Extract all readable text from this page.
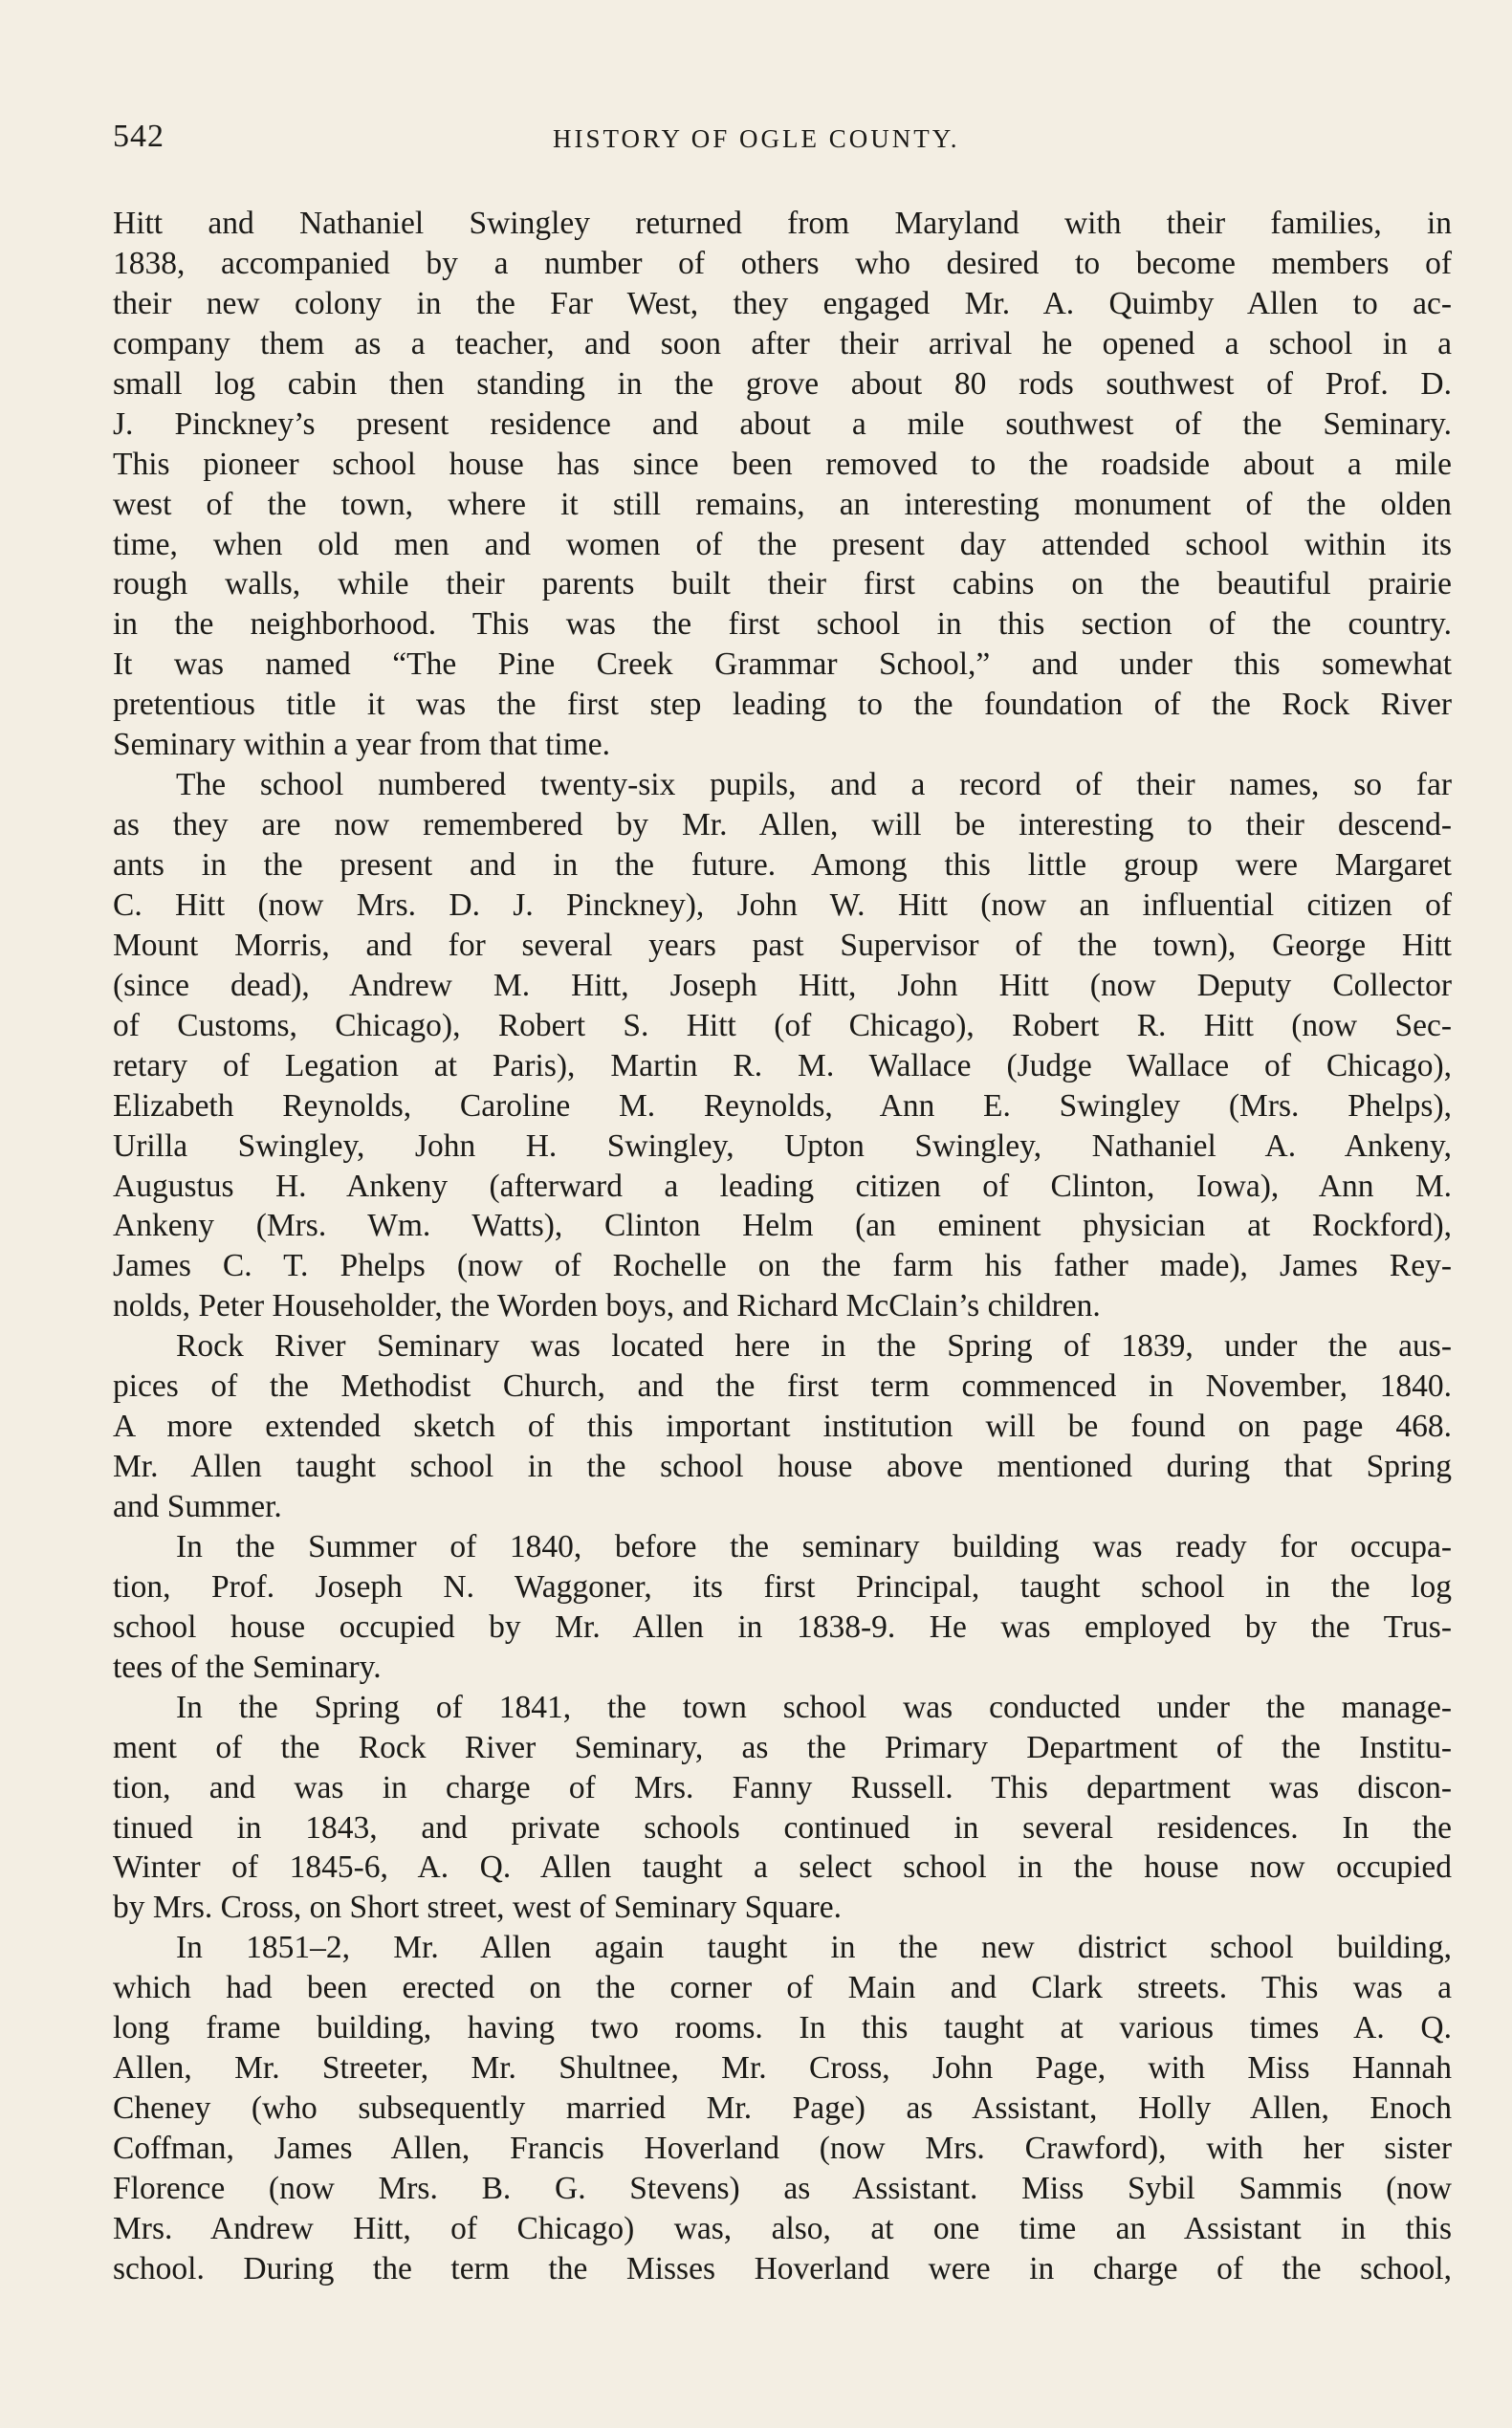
542	HISTORY OF OGLE COUNTY.
Hitt and Nathaniel Swingley returned from Maryland with their families, in
1838, accompanied by a number of others who desired to become members of
their new colony in the Far West, they engaged Mr. A. Quimby Allen to ac-
company them as a teacher, and soon after their arrival he opened a school in a
small log cabin then standing in the grove about 80 rods southwest of Prof. D.
J. Pinckney’s present residence and about a mile southwest of the Seminary.
This pioneer school house has since been removed to the roadside about a mile
west of the town, where it still remains, an interesting monument of the olden
time, when old men and women of the present day attended school within its
rough walls, while their parents built their first cabins on the beautiful prairie
in the neighborhood. This was the first school in this section of the country.
It was named “The Pine Creek Grammar School,” and under this somewhat
pretentious title it was the first step leading to the foundation of the Rock River
Seminary within a year from that time.
The school numbered twenty-six pupils, and a record of their names, so far
as they are now remembered by Mr. Allen, will be interesting to their descend-
ants in the present and in the future. Among this little group were Margaret
C. Hitt (now Mrs. D. J. Pinckney), John W. Hitt (now an influential citizen of
Mount Morris, and for several years past Supervisor of the town), George Hitt
(since dead), Andrew M. Hitt, Joseph Hitt, John Hitt (now Deputy Collector
of Customs, Chicago), Robert S. Hitt (of Chicago), Robert R. Hitt (now Sec-
retary of Legation at Paris), Martin R. M. Wallace (Judge Wallace of Chicago),
Elizabeth Reynolds, Caroline M. Reynolds, Ann E. Swingley (Mrs. Phelps),
Urilla Swingley, John H. Swingley, Upton Swingley, Nathaniel A. Ankeny,
Augustus H. Ankeny (afterward a leading citizen of Clinton, Iowa), Ann M.
Ankeny (Mrs. Wm. Watts), Clinton Helm (an eminent physician at Rockford),
James C. T. Phelps (now of Rochelle on the farm his father made), James Rey-
nolds, Peter Householder, the Worden boys, and Richard McClain’s children.
Rock River Seminary was located here in the Spring of 1839, under the aus-
pices of the Methodist Church, and the first term commenced in November, 1840.
A more extended sketch of this important institution will be found on page 468.
Mr. Allen taught school in the school house above mentioned during that Spring
and Summer.
In the Summer of 1840, before the seminary building was ready for occupa-
tion, Prof. Joseph N. Waggoner, its first Principal, taught school in the log
school house occupied by Mr. Allen in 1838-9. He was employed by the Trus-
tees of the Seminary.
In the Spring of 1841, the town school was conducted under the manage-
ment of the Rock River Seminary, as the Primary Department of the Institu-
tion, and was in charge of Mrs. Fanny Russell. This department was discon-
tinued in 1843, and private schools continued in several residences. In the
Winter of 1845-6, A. Q. Allen taught a select school in the house now occupied
by Mrs. Cross, on Short street, west of Seminary Square.
In 1851–2, Mr. Allen again taught in the new district school building,
which had been erected on the corner of Main and Clark streets. This was a
long frame building, having two rooms. In this taught at various times A. Q.
Allen, Mr. Streeter, Mr. Shultnee, Mr. Cross, John Page, with Miss Hannah
Cheney (who subsequently married Mr. Page) as Assistant, Holly Allen, Enoch
Coffman, James Allen, Francis Hoverland (now Mrs. Crawford), with her sister
Florence (now Mrs. B. G. Stevens) as Assistant. Miss Sybil Sammis (now
Mrs. Andrew Hitt, of Chicago) was, also, at one time an Assistant in this
school. During the term the Misses Hoverland were in charge of the school,
